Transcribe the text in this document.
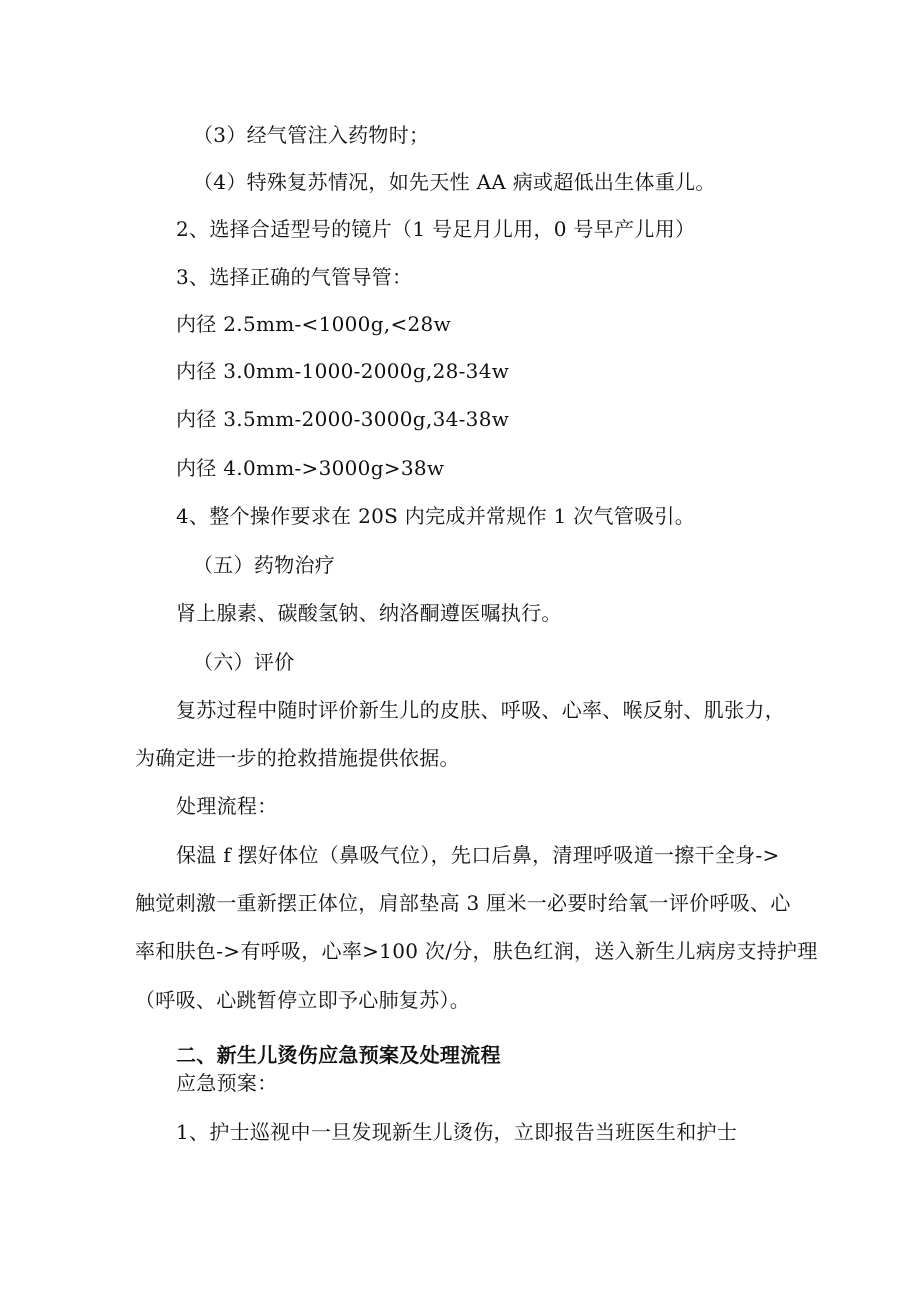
（3）经气管注入药物时；
（4）特殊复苏情况，如先天性 AA 病或超低出生体重儿。
2、选择合适型号的镜片（1 号足月儿用，0 号早产儿用）
3、选择正确的气管导管：
内径 2.5mm-<1000g,<28w
内径 3.0mm-1000-2000g,28-34w
内径 3.5mm-2000-3000g,34-38w
内径 4.0mm->3000g>38w
4、整个操作要求在 20S 内完成并常规作 1 次气管吸引。
（五）药物治疗
肾上腺素、碳酸氢钠、纳洛酮遵医嘱执行。
（六）评价
复苏过程中随时评价新生儿的皮肤、呼吸、心率、喉反射、肌张力，
为确定进一步的抢救措施提供依据。
处理流程：
保温 f 摆好体位（鼻吸气位），先口后鼻，清理呼吸道一擦干全身->
触觉刺激一重新摆正体位，肩部垫高 3 厘米一必要时给氧一评价呼吸、心
率和肤色->有呼吸，心率>100 次/分，肤色红润，送入新生儿病房支持护理
（呼吸、心跳暂停立即予心肺复苏）。
二、新生儿烫伤应急预案及处理流程
应急预案：
1、护士巡视中一旦发现新生儿烫伤，立即报告当班医生和护士
